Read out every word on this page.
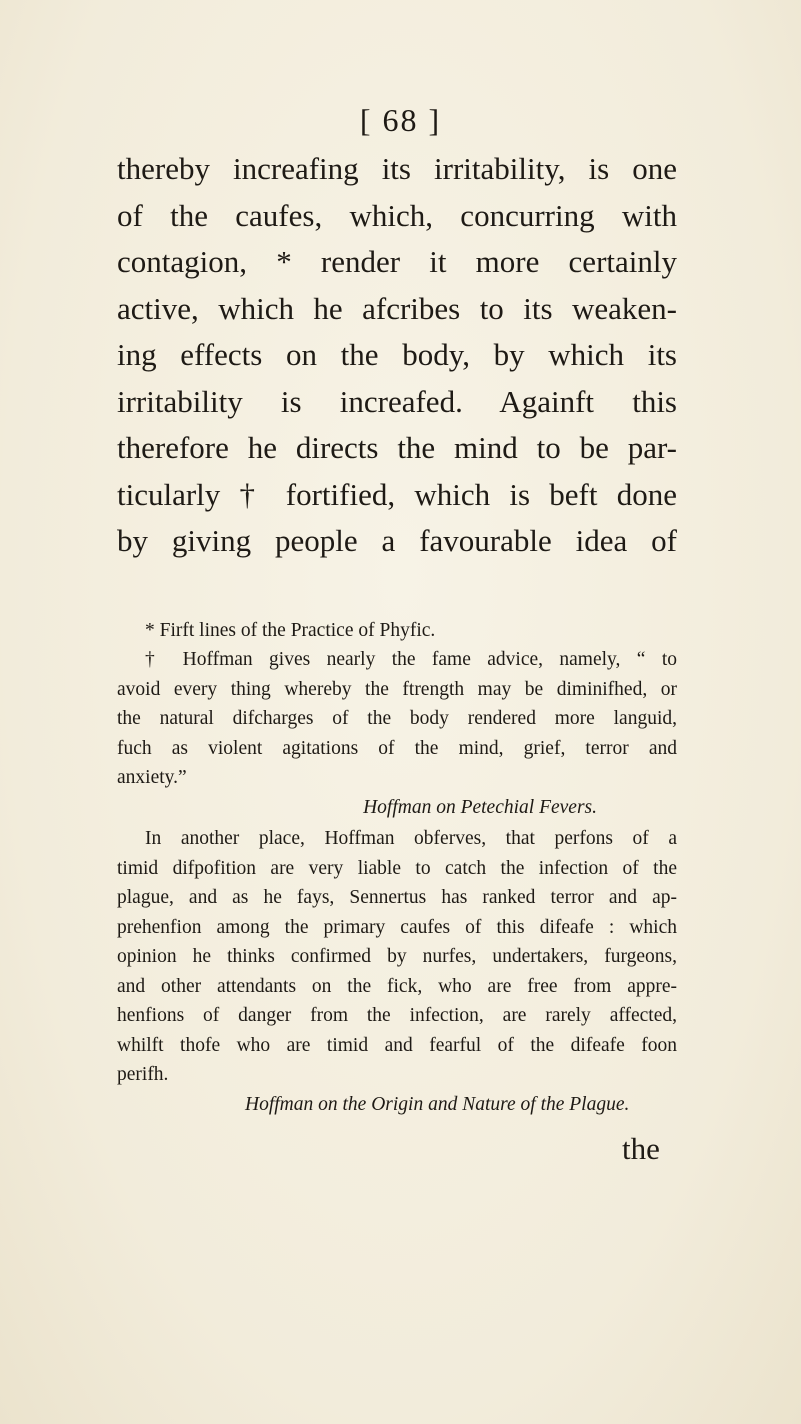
[ 68 ]

thereby increafing its irritability, is one

of the caufes, which, concurring with

contagion, * render it more certainly

active, which he afcribes to its weaken-

ing effects on the body, by which its

irritability is increafed. Againft this

therefore he directs the mind to be par-

ticularly † fortified, which is beft done

by giving people a favourable idea of

* Firft lines of the Practice of Phyfic.

† Hoffman gives nearly the fame advice, namely, “ to

avoid every thing whereby the ftrength may be diminifhed, or

the natural difcharges of the body rendered more languid,

fuch as violent agitations of the mind, grief, terror and

anxiety.”

Hoffman on Petechial Fevers.

In another place, Hoffman obferves, that perfons of a

timid difpofition are very liable to catch the infection of the

plague, and as he fays, Sennertus has ranked terror and ap-

prehenfion among the primary caufes of this difeafe : which

opinion he thinks confirmed by nurfes, undertakers, furgeons,

and other attendants on the fick, who are free from appre-

henfions of danger from the infection, are rarely affected,

whilft thofe who are timid and fearful of the difeafe foon

perifh.

Hoffman on the Origin and Nature of the Plague.

the
